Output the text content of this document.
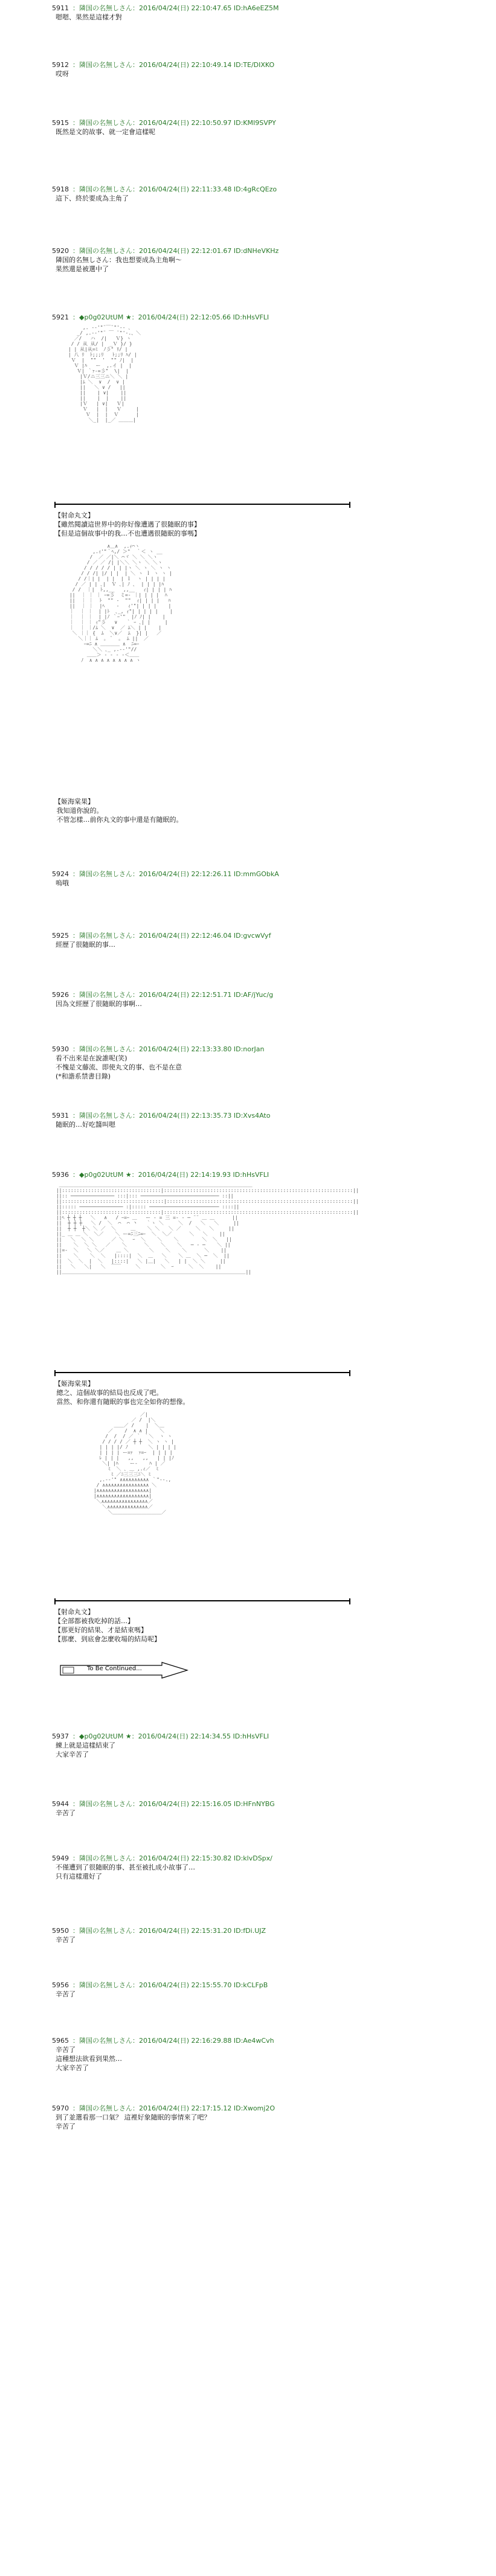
5911 ：隣国の名無しさん：2016/04/24(日) 22:10:47.65 ID:hA6eEZ5M
嗯嗯、果然是這樣才對
5912 ：隣国の名無しさん：2016/04/24(日) 22:10:49.14 ID:TE/DIXKO
哎呀
5915 ：隣国の名無しさん：2016/04/24(日) 22:10:50.97 ID:KMI9SVPY
既然是文的故事、就一定會這樣呢
5918 ：隣国の名無しさん：2016/04/24(日) 22:11:33.48 ID:4gRcQEzo
這下、終於要成為主角了
5920 ：隣国の名無しさん：2016/04/24(日) 22:12:01.67 ID:dNHeVKHz
隣国的名無しさん：我也想要成為主角啊～
果然還是被選中了
5921 ：◆p0g02UtUM ★：2016/04/24(日) 22:12:05.66 ID:hHsVFLI
,. -‐'"¨￣¨"'‐- ､
_/ ,.-‐'"¨ ￣ ¨"'‐.、＼
／/   ハ  /|   Ｖ} ヽ
/ / 从 从/ |  _Ｖ }/ }
| | 从|从=ﾐ  ﾉ彡" ﾘ/ |
| 八 ﾘ  ﾄ;;;ﾘ   ﾄ;;ﾘ ﾊ/ |
Ｖ  |  ""  '  "" ﾉ|  |
Ｖ |ﾊ   ー  ,.イ |  |
Ｖ| ｀ｧ‐=彡"  \|  |
|Ｖ/ニ三三ニ＼ ＼ |
|ﾑ ＼  ∨  /  ∨ |
||   ＼ ∨ /   ||
||    | ∨|    ||
||    |  |    ||
|Ｖ   | ∨|   Ｖ|
Ｖ   |  |   Ｖ     |
Ｖ  |  |  Ｖ      |
＼_|  |_／ ＿＿＿|
【射命丸文】
【雖然閱讀這世界中的你好像遭遇了很隨眠的事】
【但是這個故事中的我…不也遭遇很隨眠的事嗎】
∧＿∧  ,.ｨ⌒ヽ
,.ｨ'"｀ﾍ,/ ＞"  ｀＜ ヽ __
/  ／ ／|＼ ⌒ヾ ＼ ＼ ＼ヽ
/ ／ ／ /| |＼＼ ＼ヽ ＼ ＼ヽ
/ / / / / | | |ヽ ＼ ヽ ＼ ヽ ヽ
/ / /| |/ | |  | ＼ ヽ ｌ ヽ ヽ |
/ /｜| |  | |  | ｌ  ヽ | | | |
/ ／ | | ､|  Ｖ ､| ﾉ ､  | | | |ﾊ
/ /  ｜|  ﾄ,,__   ,,__   ｨ| | | | ﾊ
||  ｜ ｜ ｜ ｰ=彡  ミ=‐ ｜| | | |  ﾊ
||  ｜ ｜  ﾄ  "" ‐  ""  ｨ| | | |   ﾊ
||  ｜ ｜  |ﾍ    ‐   ｨ'"| | | |    |
｜  ｜ ｜  | |ﾄ  ､_, ｨ"| | | | |    |
｜  ｜ ｜  | |ﾉ ｀ｰ'"  |ﾉ ﾉ| |    |
｜  ｜ ｜ ｨ"彡   ∨   ｀ ｰ ､| |     |
｜  ｜ ｜/ﾑ ＼  ∨  ／ ﾑ＼ | |    |
＼ ｜｜ {  ﾑ  ＼∨／  ﾑ  }| |   ／
＼｜｜ ﾑ  ｡  ﾟ  ｡  ﾑ ||  ／
ｰ=ﾆ ∧ ＿＿＿＿ ∧  ﾆ=ｰ
＼＼ ､_ ,.-‐'"//
＿＿＞ - ‐ ‐ -＜＿＿
ﾉ  ∧ ∧ ∧ ∧ ∧ ∧ ∧ ∧ ヽ
【姬海棠果】
我知道你說的。
不管怎樣…前你丸文的事中還是有隨眠的。
5924 ：隣国の名無しさん：2016/04/24(日) 22:12:26.11 ID:mmGObkA
嗚哦
5925 ：隣国の名無しさん：2016/04/24(日) 22:12:46.04 ID:gvcwVyf
經歷了很隨眠的事…
5926 ：隣国の名無しさん：2016/04/24(日) 22:12:51.71 ID:AF/jYuc/g
因為文經歷了很隨眠的事啊…
5930 ：隣国の名無しさん：2016/04/24(日) 22:13:33.80 ID:norJan
看不出來是在說誰呢(笑)
不愧是文藤流、即使丸文的事、也不是在意
(*和諧系禁書目錄)
5931 ：隣国の名無しさん：2016/04/24(日) 22:13:35.73 ID:Xvs4Ato
隨眠的…好吃醬叫嗯
5936 ：◆p0g02UtUM ★：2016/04/24(日) 22:14:19.93 ID:hHsVFLI
＿＿＿＿＿＿＿＿＿＿＿＿＿＿＿＿＿＿＿＿＿＿＿＿＿＿＿＿＿＿＿＿＿＿＿＿＿＿＿＿
||::::::::::::::::::::::::::::::::::|:::::::::::::::::::::::::::::::::::::::::::::::::::::::::::::::::||
||:: ─────────────── :::|::: ─────────────────────────── ::||
||:::::::::::::::::::::::::::::::::::|::::::::::::::::::::::::::::::::::::::::::::::::::::::::::::::::||
||::::: ─────────────── :|::::: ──────────────────────── ::::||
||::::::::::::::::::::::::::::::::::|:::::::::::::::::::::::::::::::::::::::::::::::::::::::::::::::::||
||ﾍ ┼ ┼ ┼   ＼   ∧   / ｰ=ｰ ＿   ー ‐ = 三 =‐ ‐ ─ ¨¨ ＿ ＿      ||
||  ┼ ┼ ┼   ＼ /  ＼  ⌒  ⌒ 丶   ｀ヽ ＼     ＼  /   ＼   ＼     ||
||  ┼ ┼  ┼＼ ＼ ／  ＼     ＿    ＼ ＼   ＼ ／     ＼   ＼     ||
||_ ＿ ＿ ＼  ＼／    ＼ ー=ﾆ三ﾆ=ｰ  ＼  ＼／      ＼   ＼    ||
||   ＼  ＼ ＼      ／ ＼   ｰ  ＼    ＼    ＼        ＼  ＼   ||
||    ＼  ＼ ＼   ／    ＼      ＼    ＼    ＼   ─ ‐ ─    ＼ ||
||=‐  ＼   ＼ ＼／    ＿ ＼       ＼    ＼    ＼      ＼    ||
||    ＼    ＼  ＼   |::::|  ＼  ＿   ＼    ＼ ＿  ＼ ─  ＼  ||
||  ＼  ＼  |  ＼   |::::|   ＼ |＿|   ＼   | |  ＼ ＼     ||
||   ＼   ＼|   ＼  ￣￣     ＼       ＼  ｰ     ＼  ＼    ||
||＿＿＿＿＿＿＿＿＿＿＿＿＿＿＿＿＿＿＿＿＿＿＿＿＿＿＿＿＿＿＿＿＿＿＿＿＿＿||
【姬海棠果】
總之、這個故事的結局也反成了吧。
當然、和你還有隨眠的事也完全如你的想像。
／|
／ /  |＼
＿＿／ /    |  ＼＿
／    /  ∧ ∧ |    ＼
/  /  / ／ ｀ ｀＼  ヽ ヽ
/ / / / ／ ┼ ┼  ＼ ヽ ヽ |
| | | |/ ﾉ       ＼ | | | |
| | | | ー=ｧ  ｧ=ｰ  | | | |
ﾚ | | |   ,,   ,,   | | |ﾉ
＼| |ﾊ    ー‐    ﾊ | ／
ﾐ  ＼ ､ ＿ ,.ｨ／  ﾐ
ﾐ ／ﾆ三三三ﾆ＼ ﾐ
,.-‐'" ∧∧∧∧∧∧∧∧∧∧ ｀"‐-.,
/ ∧∧∧∧∧∧∧∧∧∧∧∧∧∧∧∧ ＼
|∧∧∧∧∧∧∧∧∧∧∧∧∧∧∧∧∧∧|
|∧∧∧∧∧∧∧∧∧∧∧∧∧∧∧∧∧∧|
＼∧∧∧∧∧∧∧∧∧∧∧∧∧∧∧∧／
＼∧∧∧∧∧∧∧∧∧∧∧∧∧∧／
＼＿＿＿＿＿＿＿＿＿＿／
【射命丸文】
【全部都被我吃掉的話…】
【那更好的結果、才是結束嗎】
【那麼、到底會怎麼收場的結局呢】
To Be Continued...
5937 ：◆p0g02UtUM ★：2016/04/24(日) 22:14:34.55 ID:hHsVFLI
練上就是這樣結束了
大家辛苦了
5944 ：隣国の名無しさん：2016/04/24(日) 22:15:16.05 ID:HFnNYBG
辛苦了
5949 ：隣国の名無しさん：2016/04/24(日) 22:15:30.82 ID:klvDSpx/
不僅遭到了很隨眠的事、甚至被扎成小故事了…
只有這樣還好了
5950 ：隣国の名無しさん：2016/04/24(日) 22:15:31.20 ID:fDi.UJZ
辛苦了
5956 ：隣国の名無しさん：2016/04/24(日) 22:15:55.70 ID:kCLFpB
辛苦了
5965 ：隣国の名無しさん：2016/04/24(日) 22:16:29.88 ID:Ae4wCvh
辛苦了
這種想法欲看到果然…
大家辛苦了
5970 ：隣国の名無しさん：2016/04/24(日) 22:17:15.12 ID:Xwomj2O
到了並選看那一口氣？ 這裡好象隨眠的事情來了吧？
辛苦了
